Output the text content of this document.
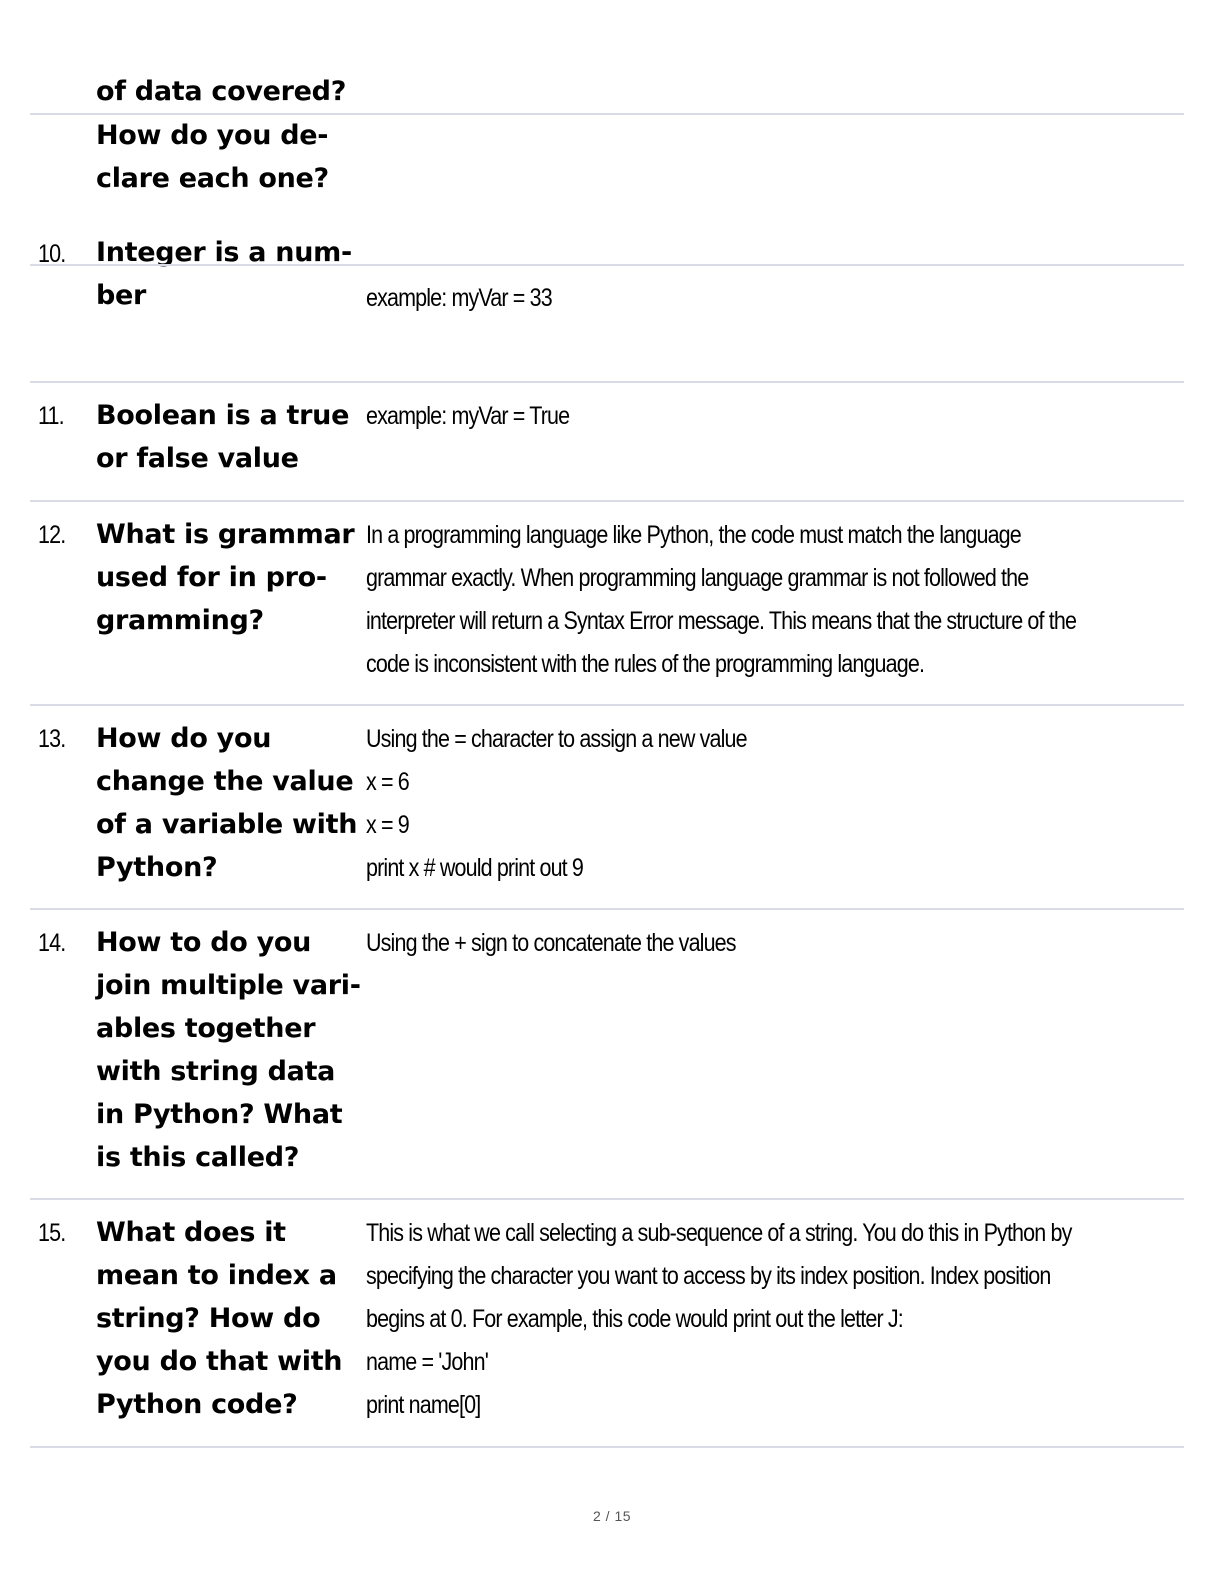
of data covered?

How do you de-
clare each one?

10. Integer is a num-
ber	example: myVar = 33

11. Boolean is a true
or false value

example: myVar = True

12. What is grammar
used for in pro-
gramming?

In a programming language like Python, the code must match the language
grammar exactly. When programming language grammar is not followed the
interpreter will return a Syntax Error message. This means that the structure of the
code is inconsistent with the rules of the programming language.

13. How do you
change the value
of a variable with
Python?

Using the = character to assign a new value
x = 6
x = 9
print x # would print out 9

14. How to do you
join multiple vari-
ables together
with string data
in Python? What
is this called?

Using the + sign to concatenate the values

15. What does it
mean to index a
string? How do
you do that with
Python code?

This is what we call selecting a sub-sequence of a string. You do this in Python by
specifying the character you want to access by its index position. Index position
begins at 0. For example, this code would print out the letter J:
name = 'John'
print name[0]

2 / 15
